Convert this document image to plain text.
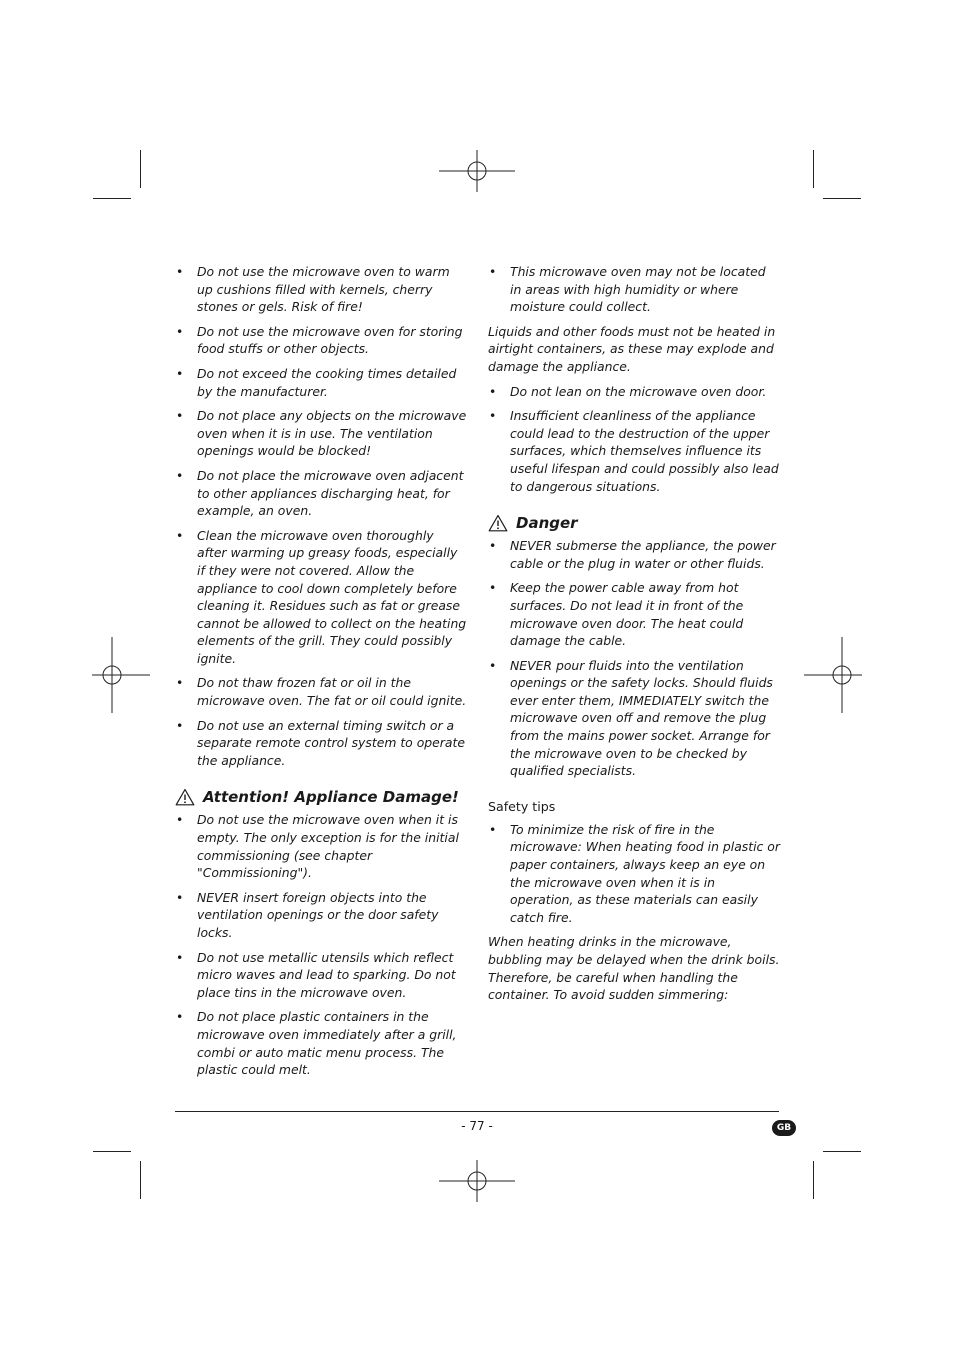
• Do not use the microwave oven to warm up cushions filled with kernels, cherry stones or gels. Risk of fire!
• Do not use the microwave oven for storing food stuffs or other objects.
• Do not exceed the cooking times detailed by the manufacturer.
• Do not place any objects on the microwave oven when it is in use. The ventilation openings would be blocked!
• Do not place the microwave oven adjacent to other appliances discharging heat, for example, an oven.
• Clean the microwave oven thoroughly after warming up greasy foods, especially if they were not covered. Allow the appliance to cool down completely before cleaning it. Residues such as fat or grease cannot be allowed to collect on the heating elements of the grill. They could possibly ignite.
• Do not thaw frozen fat or oil in the microwave oven. The fat or oil could ignite.
• Do not use an external timing switch or a separate remote control system to operate the appliance.
Attention! Appliance Damage!
• Do not use the microwave oven when it is empty. The only exception is for the initial commissioning (see chapter "Commissioning").
• NEVER insert foreign objects into the ventilation openings or the door safety locks.
• Do not use metallic utensils which reflect micro waves and lead to sparking. Do not place tins in the microwave oven.
• Do not place plastic containers in the microwave oven immediately after a grill, combi or auto matic menu process. The plastic could melt.
• This microwave oven may not be located in areas with high humidity or where moisture could collect.

Liquids and other foods must not be heated in airtight containers, as these may explode and damage the appliance.

• Do not lean on the microwave oven door.
• Insufficient cleanliness of the appliance could lead to the destruction of the upper surfaces, which themselves influence its useful lifespan and could possibly also lead to dangerous situations.
Danger
• NEVER submerse the appliance, the power cable or the plug in water or other fluids.
• Keep the power cable away from hot surfaces. Do not lead it in front of the microwave oven door. The heat could damage the cable.
• NEVER pour fluids into the ventilation openings or the safety locks. Should fluids ever enter them, IMMEDIATELY switch the microwave oven off and remove the plug from the mains power socket. Arrange for the microwave oven to be checked by qualified specialists.
Safety tips
• To minimize the risk of fire in the microwave: When heating food in plastic or paper containers, always keep an eye on the microwave oven when it is in operation, as these materials can easily catch fire.

When heating drinks in the microwave, bubbling may be delayed when the drink boils. Therefore, be careful when handling the container. To avoid sudden simmering:

- 77 -	GB
